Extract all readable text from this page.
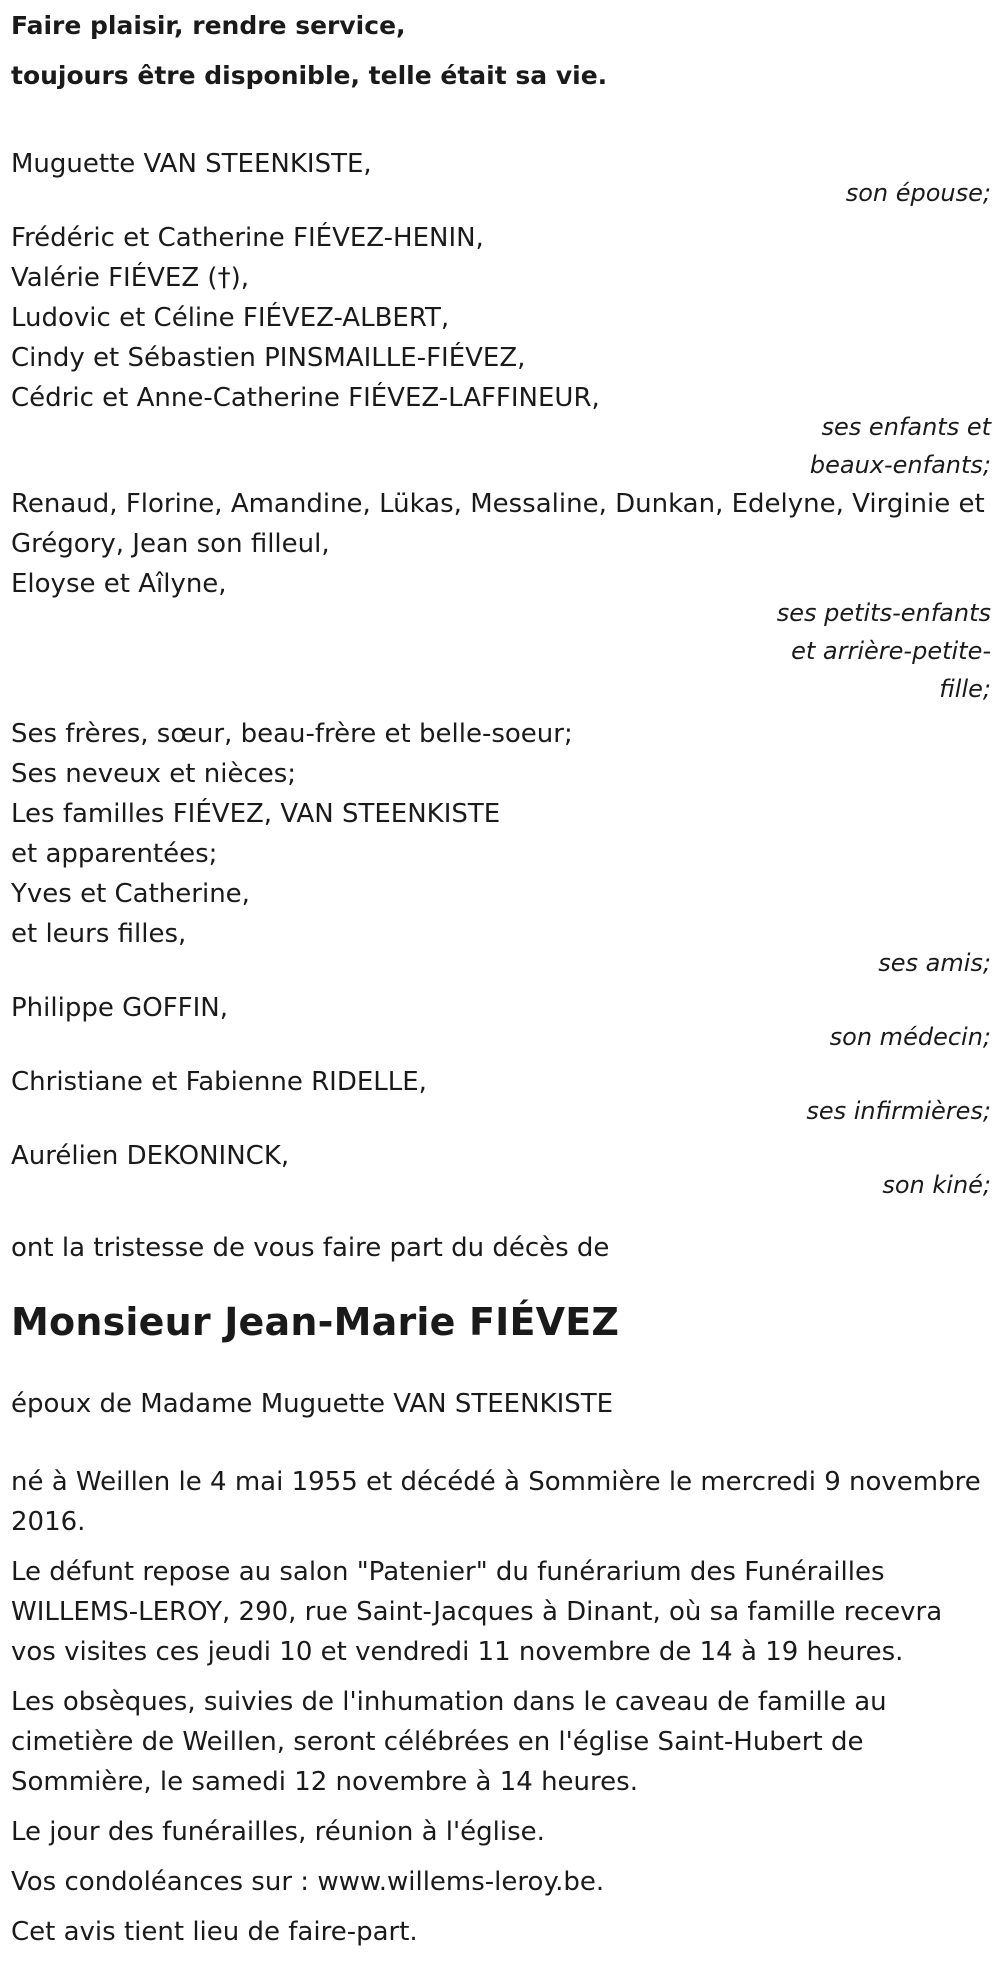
Faire plaisir, rendre service,
toujours être disponible, telle était sa vie.
Muguette VAN STEENKISTE,
son épouse;
Frédéric et Catherine FIÉVEZ-HENIN,
Valérie FIÉVEZ (†),
Ludovic et Céline FIÉVEZ-ALBERT,
Cindy et Sébastien PINSMAILLE-FIÉVEZ,
Cédric et Anne-Catherine FIÉVEZ-LAFFINEUR,
ses enfants et
beaux-enfants;
Renaud, Florine, Amandine, Lükas, Messaline, Dunkan, Edelyne, Virginie et Grégory, Jean son filleul,
Eloyse et Aîlyne,
ses petits-enfants
et arrière-petite-
fille;
Ses frères, sœur, beau-frère et belle-soeur;
Ses neveux et nièces;
Les familles FIÉVEZ, VAN STEENKISTE
et apparentées;
Yves et Catherine,
et leurs filles,
ses amis;
Philippe GOFFIN,
son médecin;
Christiane et Fabienne RIDELLE,
ses infirmières;
Aurélien DEKONINCK,
son kiné;
ont la tristesse de vous faire part du décès de
Monsieur Jean-Marie FIÉVEZ
époux de Madame Muguette VAN STEENKISTE
né à Weillen le 4 mai 1955 et décédé à Sommière le mercredi 9 novembre 2016.
Le défunt repose au salon "Patenier" du funérarium des Funérailles WILLEMS-LEROY, 290, rue Saint-Jacques à Dinant, où sa famille recevra vos visites ces jeudi 10 et vendredi 11 novembre de 14 à 19 heures.
Les obsèques, suivies de l'inhumation dans le caveau de famille au cimetière de Weillen, seront célébrées en l'église Saint-Hubert de Sommière, le samedi 12 novembre à 14 heures.
Le jour des funérailles, réunion à l'église.
Vos condoléances sur : www.willems-leroy.be.
Cet avis tient lieu de faire-part.
